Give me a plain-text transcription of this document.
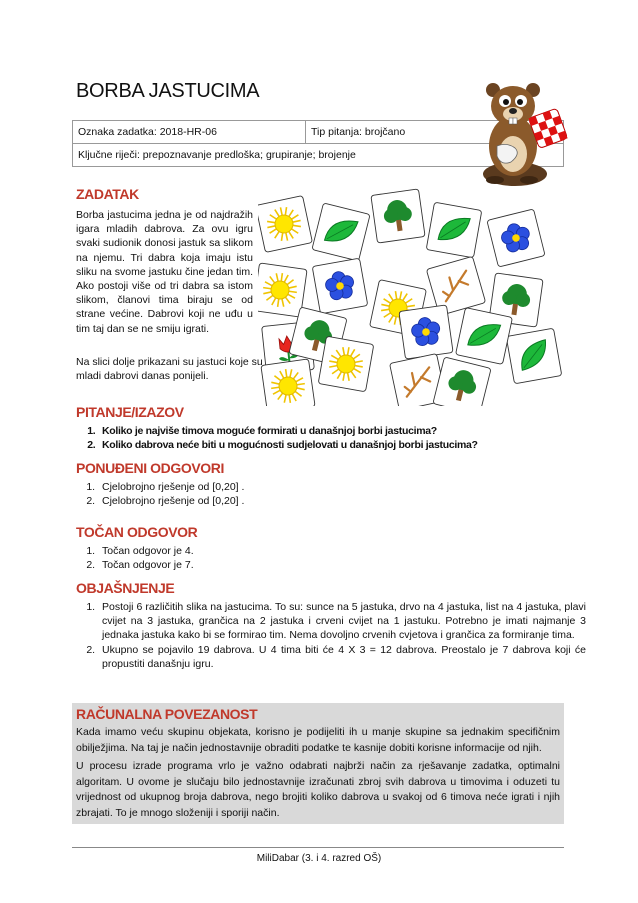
BORBA JASTUCIMA
Oznaka zadatka: 2018-HR-06	Tip pitanja: brojčano
Ključne riječi: prepoznavanje predloška; grupiranje; brojenje
ZADATAK
Borba jastucima jedna je od najdražih igara mladih dabrova. Za ovu igru svaki sudionik donosi jastuk sa slikom na njemu. Tri dabra koja imaju istu sliku na svome jastuku čine jedan tim. Ako postoji više od tri dabra sa istom slikom, članovi tima biraju se od strane većine. Dabrovi koji ne uđu u tim taj dan se ne smiju igrati.
Na slici dolje prikazani su jastuci koje su mladi dabrovi danas ponijeli.
PITANJE/IZAZOV
1. Koliko je najviše timova moguće formirati u današnjoj borbi jastucima?
2. Koliko dabrova neće biti u mogućnosti sudjelovati u današnjoj borbi jastucima?
PONUĐENI ODGOVORI
1. Cjelobrojno rješenje od [0,20] .
2. Cjelobrojno rješenje od [0,20] .
TOČAN ODGOVOR
1. Točan odgovor je 4.
2. Točan odgovor je 7.
OBJAŠNJENJE
1. Postoji 6 različitih slika na jastucima. To su: sunce na 5 jastuka, drvo na 4 jastuka, list na 4 jastuka, plavi cvijet na 3 jastuka, grančica na 2 jastuka i crveni cvijet na 1 jastuku. Potrebno je imati najmanje 3 jednaka jastuka kako bi se formirao tim. Nema dovoljno crvenih cvjetova i grančica za formiranje tima.
2. Ukupno se pojavilo 19 dabrova. U 4 tima biti će 4 X 3 = 12 dabrova. Preostalo je 7 dabrova koji će propustiti današnju igru.
RAČUNALNA POVEZANOST
Kada imamo veću skupinu objekata, korisno je podijeliti ih u manje skupine sa jednakim specifičnim obilježjima. Na taj je način jednostavnije obraditi podatke te kasnije dobiti korisne informacije od njih.
U procesu izrade programa vrlo je važno odabrati najbrži način za rješavanje zadatka, optimalni algoritam. U ovome je slučaju bilo jednostavnije izračunati zbroj svih dabrova u timovima i oduzeti tu vrijednost od ukupnog broja dabrova, nego brojiti koliko dabrova u svakoj od 6 timova neće igrati i njih zbrajati. To je mnogo složeniji i sporiji način.
MiliDabar (3. i 4. razred OŠ)
